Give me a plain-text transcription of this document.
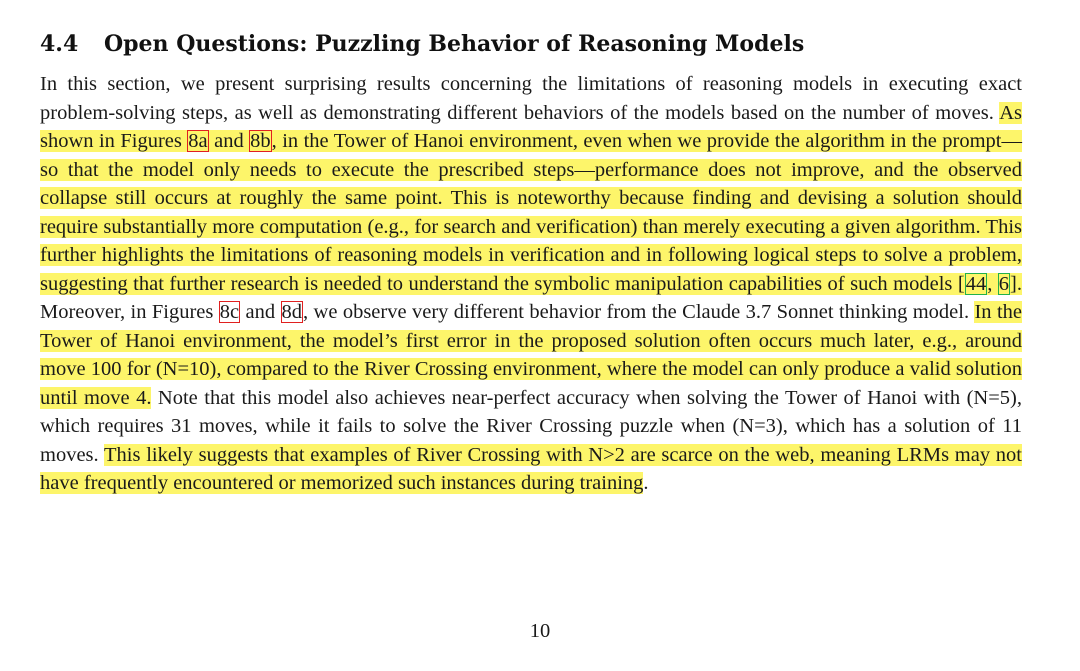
4.4 Open Questions: Puzzling Behavior of Reasoning Models

In this section, we present surprising results concerning the limitations of reasoning models in executing exact problem-solving steps, as well as demonstrating different behaviors of the models based on the number of moves. As shown in Figures 8a and 8b, in the Tower of Hanoi environment, even when we provide the algorithm in the prompt—so that the model only needs to execute the prescribed steps—performance does not improve, and the observed collapse still occurs at roughly the same point. This is noteworthy because finding and devising a solution should require substantially more computation (e.g., for search and verification) than merely executing a given algorithm. This further highlights the limitations of reasoning models in verification and in following logical steps to solve a problem, suggesting that further research is needed to understand the symbolic manipulation capabilities of such models [44, 6]. Moreover, in Figures 8c and 8d, we observe very different behavior from the Claude 3.7 Sonnet thinking model. In the Tower of Hanoi environment, the model’s first error in the proposed solution often occurs much later, e.g., around move 100 for (N=10), compared to the River Crossing environment, where the model can only produce a valid solution until move 4. Note that this model also achieves near-perfect accuracy when solving the Tower of Hanoi with (N=5), which requires 31 moves, while it fails to solve the River Crossing puzzle when (N=3), which has a solution of 11 moves. This likely suggests that examples of River Crossing with N>2 are scarce on the web, meaning LRMs may not have frequently encountered or memorized such instances during training.

10
